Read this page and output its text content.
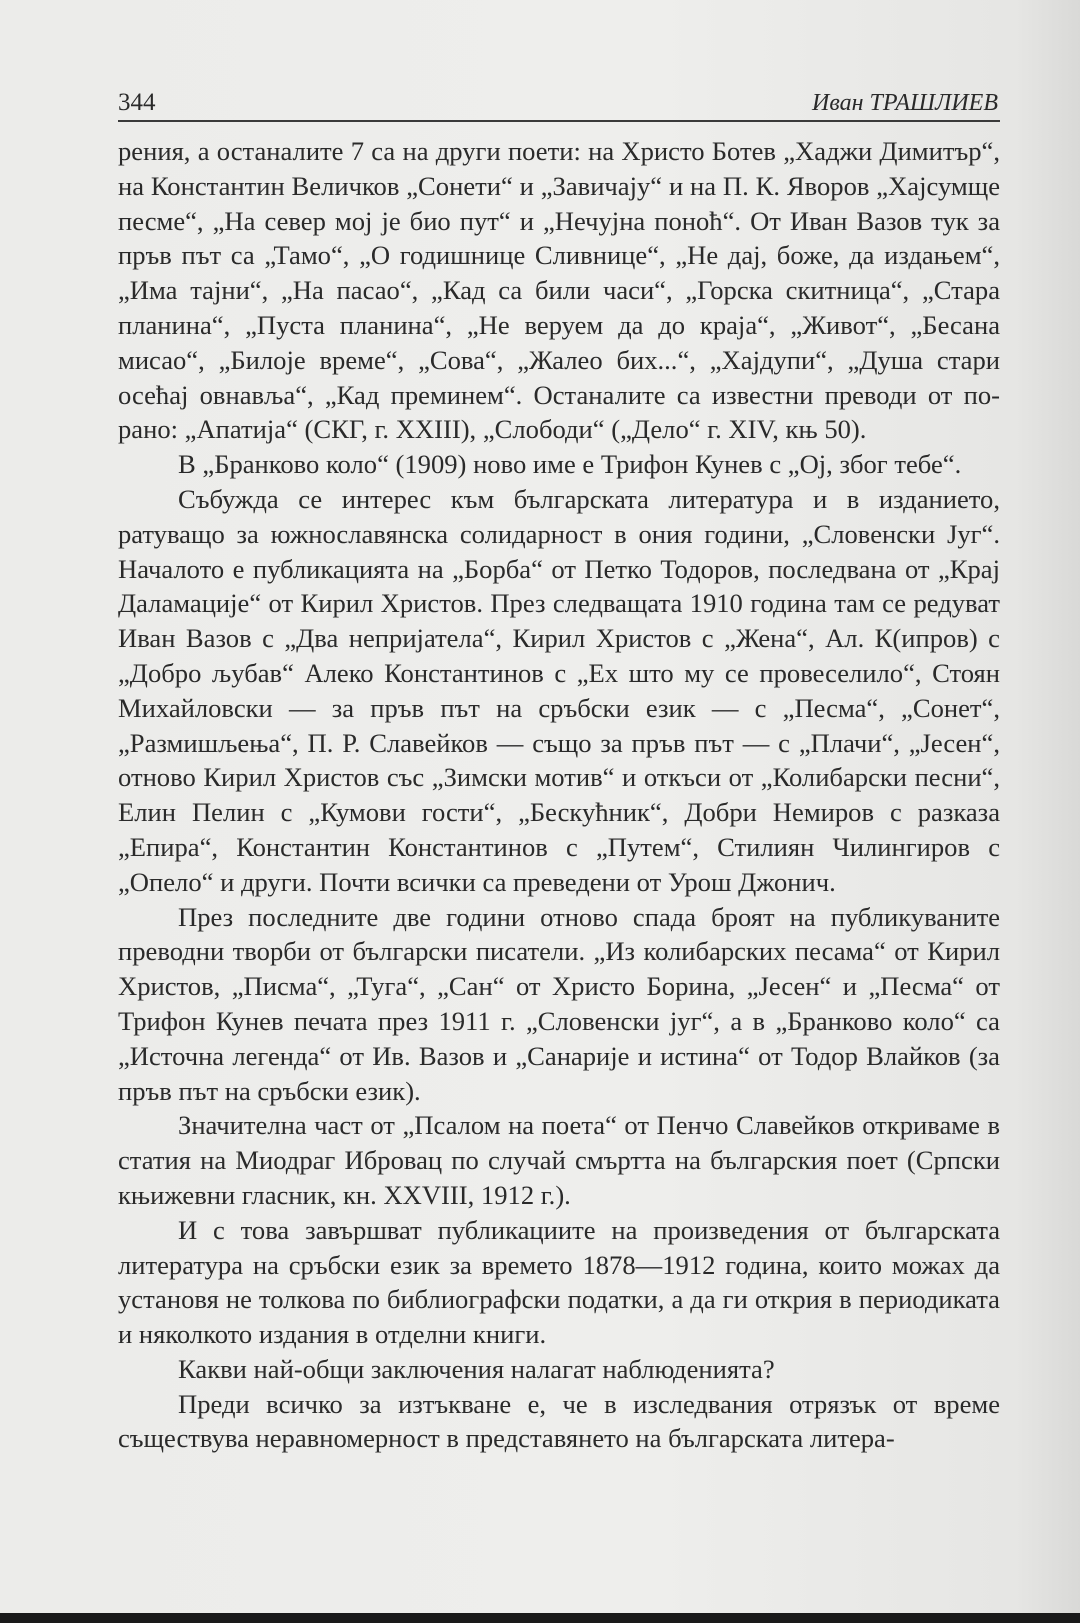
344	Иван ТРАШЛИЕВ

рения, а останалите 7 са на други поети: на Христо Ботев „Хаджи Димитър“, на Константин Величков „Сонети“ и „Завичају“ и на П. К. Яворов „Хајсумще песме“, „На север мој је био пут“ и „Нечујна поноћ“. От Иван Вазов тук за пръв път са „Тамо“, „О годишнице Сливнице“, „Не дај, боже, да издањем“, „Има тајни“, „На пасао“, „Кад са били часи“, „Горска скитница“, „Стара планина“, „Пуста планина“, „Не веруем да до краја“, „Живот“, „Бесана мисао“, „Билоје време“, „Сова“, „Жалео бих...“, „Хајдупи“, „Душа стари осећај овнавља“, „Кад преминем“. Останалите са известни преводи от по-рано: „Апатија“ (СКГ, г. XXIII), „Слободи“ („Дело“ г. XIV, књ 50).

В „Бранково коло“ (1909) ново име е Трифон Кунев с „Ој, због тебе“.

Събужда се интерес към българската литература и в изданието, ратуващо за южнославянска солидарност в ония години, „Словенски Југ“. Началото е публикацията на „Борба“ от Петко Тодоров, последвана от „Крај Даламације“ от Кирил Христов. През следващата 1910 година там се редуват Иван Вазов с „Два непријатела“, Кирил Христов с „Жена“, Ал. К(ипров) с „Добро љубав“ Алеко Константинов с „Ех што му се провеселило“, Стоян Михайловски — за пръв път на сръбски език — с „Песма“, „Сонет“, „Размишљења“, П. Р. Славейков — също за пръв път — с „Плачи“, „Јесен“, отново Кирил Христов със „Зимски мотив“ и откъси от „Колибарски песни“, Елин Пелин с „Кумови гости“, „Бескућник“, Добри Немиров с разказа „Епира“, Константин Константинов с „Путем“, Стилиян Чилингиров с „Опело“ и други. Почти всички са преведени от Урош Джонич.

През последните две години отново спада броят на публикуваните преводни творби от български писатели. „Из колибарских песама“ от Кирил Христов, „Писма“, „Туга“, „Сан“ от Христо Борина, „Јесен“ и „Песма“ от Трифон Кунев печата през 1911 г. „Словенски југ“, а в „Бранково коло“ са „Источна легенда“ от Ив. Вазов и „Санарије и истина“ от Тодор Влайков (за пръв път на сръбски език).

Значителна част от „Псалом на поета“ от Пенчо Славейков откриваме в статия на Миодраг Ибровац по случай смъртта на българския поет (Српски књижевни гласник, кн. XXVIII, 1912 г.).

И с това завършват публикациите на произведения от българската литература на сръбски език за времето 1878—1912 година, които можах да установя не толкова по библиографски податки, а да ги открия в периодиката и няколкото издания в отделни книги.

Какви най-общи заключения налагат наблюденията?

Преди всичко за изтъкване е, че в изследвания отрязък от време съществува неравномерност в представянето на българската литера-
